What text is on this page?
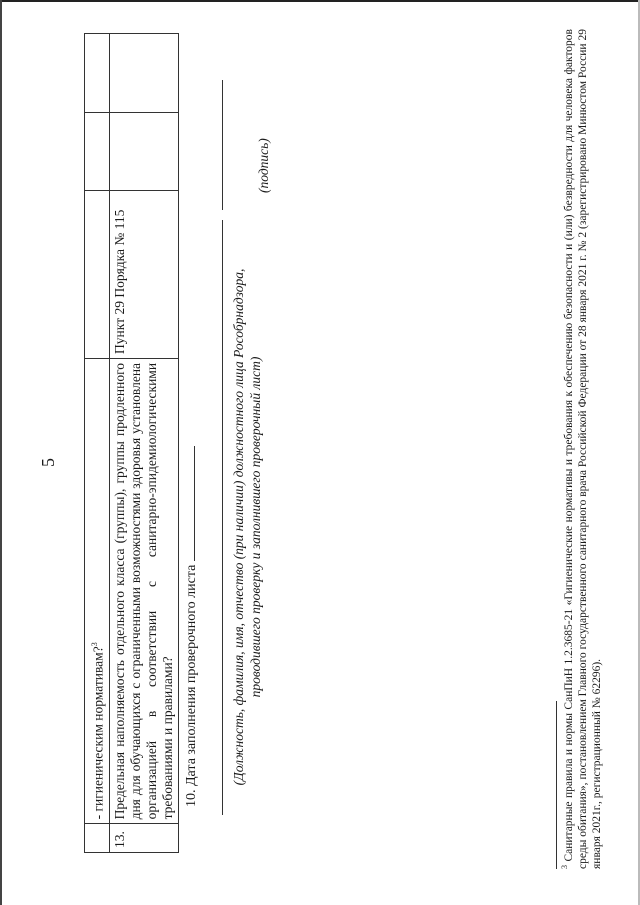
5
	- гигиеническим нормативам?$^3$			
13.	Предельная наполняемость отдельного класса (группы), группы продленного дня для обучающихся с ограниченными возможностями здоровья установлена организацией в соответствии с санитарно-эпидемиологическими требованиями и правилами?	Пункт 29 Порядка № 115		

10. Дата заполнения проверочного листа (Должность, фамилия, имя, отчество (при наличии) должностного лица Рособрнадзора, проводившего проверку и заполнившего проверочный лист)
(подпись)
$^3$ Санитарные правила и нормы СанПиН 1.2.3685-21 «Гигиенические нормативы и требования к обеспечению безопасности и (или) безвредности для человека факторов среды обитания», постановлением Главного государственного санитарного врача Российской Федерации от 28 января 2021 г. № 2 (зарегистрировано Минюстом России 29 января 2021г., регистрационный № 62296).
